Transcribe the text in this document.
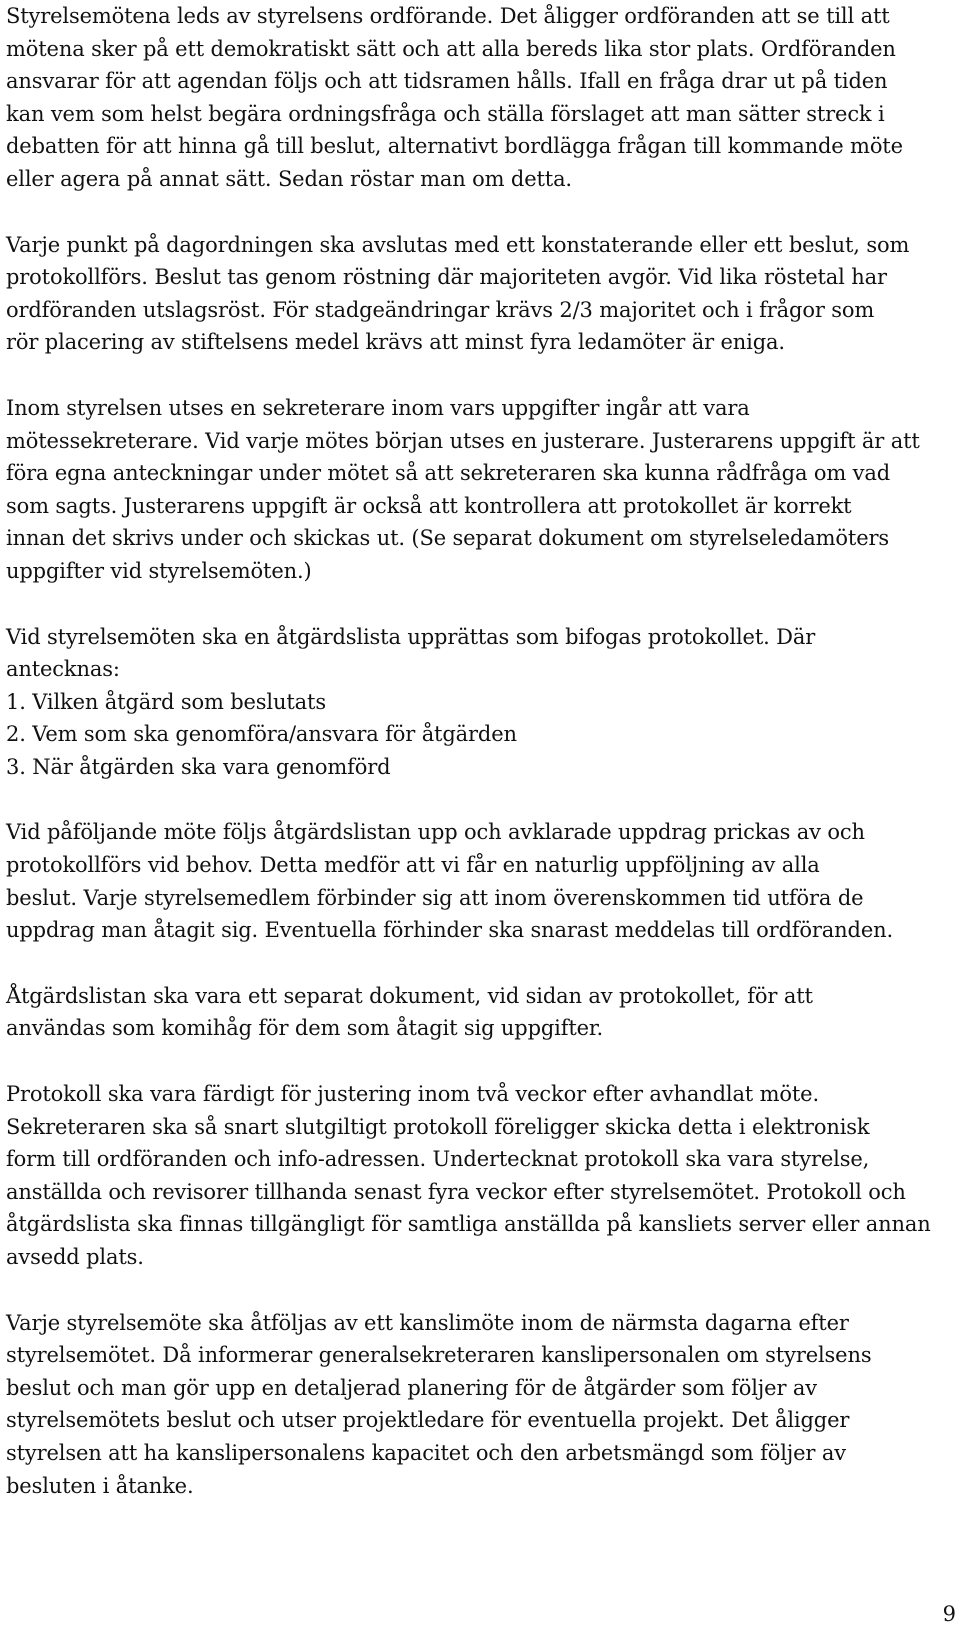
Styrelsemötena leds av styrelsens ordförande. Det åligger ordföranden att se till att
mötena sker på ett demokratiskt sätt och att alla bereds lika stor plats. Ordföranden
ansvarar för att agendan följs och att tidsramen hålls. Ifall en fråga drar ut på tiden
kan vem som helst begära ordningsfråga och ställa förslaget att man sätter streck i
debatten för att hinna gå till beslut, alternativt bordlägga frågan till kommande möte
eller agera på annat sätt. Sedan röstar man om detta.

Varje punkt på dagordningen ska avslutas med ett konstaterande eller ett beslut, som
protokollförs. Beslut tas genom röstning där majoriteten avgör. Vid lika röstetal har
ordföranden utslagsröst. För stadgeändringar krävs 2/3 majoritet och i frågor som
rör placering av stiftelsens medel krävs att minst fyra ledamöter är eniga.

Inom styrelsen utses en sekreterare inom vars uppgifter ingår att vara
mötessekreterare. Vid varje mötes början utses en justerare. Justerarens uppgift är att
föra egna anteckningar under mötet så att sekreteraren ska kunna rådfråga om vad
som sagts. Justerarens uppgift är också att kontrollera att protokollet är korrekt
innan det skrivs under och skickas ut. (Se separat dokument om styrelseledamöters
uppgifter vid styrelsemöten.)

Vid styrelsemöten ska en åtgärdslista upprättas som bifogas protokollet. Där
antecknas:
1. Vilken åtgärd som beslutats
2. Vem som ska genomföra/ansvara för åtgärden
3. När åtgärden ska vara genomförd

Vid påföljande möte följs åtgärdslistan upp och avklarade uppdrag prickas av och
protokollförs vid behov. Detta medför att vi får en naturlig uppföljning av alla
beslut. Varje styrelsemedlem förbinder sig att inom överenskommen tid utföra de
uppdrag man åtagit sig. Eventuella förhinder ska snarast meddelas till ordföranden.

Åtgärdslistan ska vara ett separat dokument, vid sidan av protokollet, för att
användas som komihåg för dem som åtagit sig uppgifter.

Protokoll ska vara färdigt för justering inom två veckor efter avhandlat möte.
Sekreteraren ska så snart slutgiltigt protokoll föreligger skicka detta i elektronisk
form till ordföranden och info-adressen. Undertecknat protokoll ska vara styrelse,
anställda och revisorer tillhanda senast fyra veckor efter styrelsemötet. Protokoll och
åtgärdslista ska finnas tillgängligt för samtliga anställda på kansliets server eller annan
avsedd plats.

Varje styrelsemöte ska åtföljas av ett kanslimöte inom de närmsta dagarna efter
styrelsemötet. Då informerar generalsekreteraren kanslipersonalen om styrelsens
beslut och man gör upp en detaljerad planering för de åtgärder som följer av
styrelsemötets beslut och utser projektledare för eventuella projekt. Det åligger
styrelsen att ha kanslipersonalens kapacitet och den arbetsmängd som följer av
besluten i åtanke.

9
